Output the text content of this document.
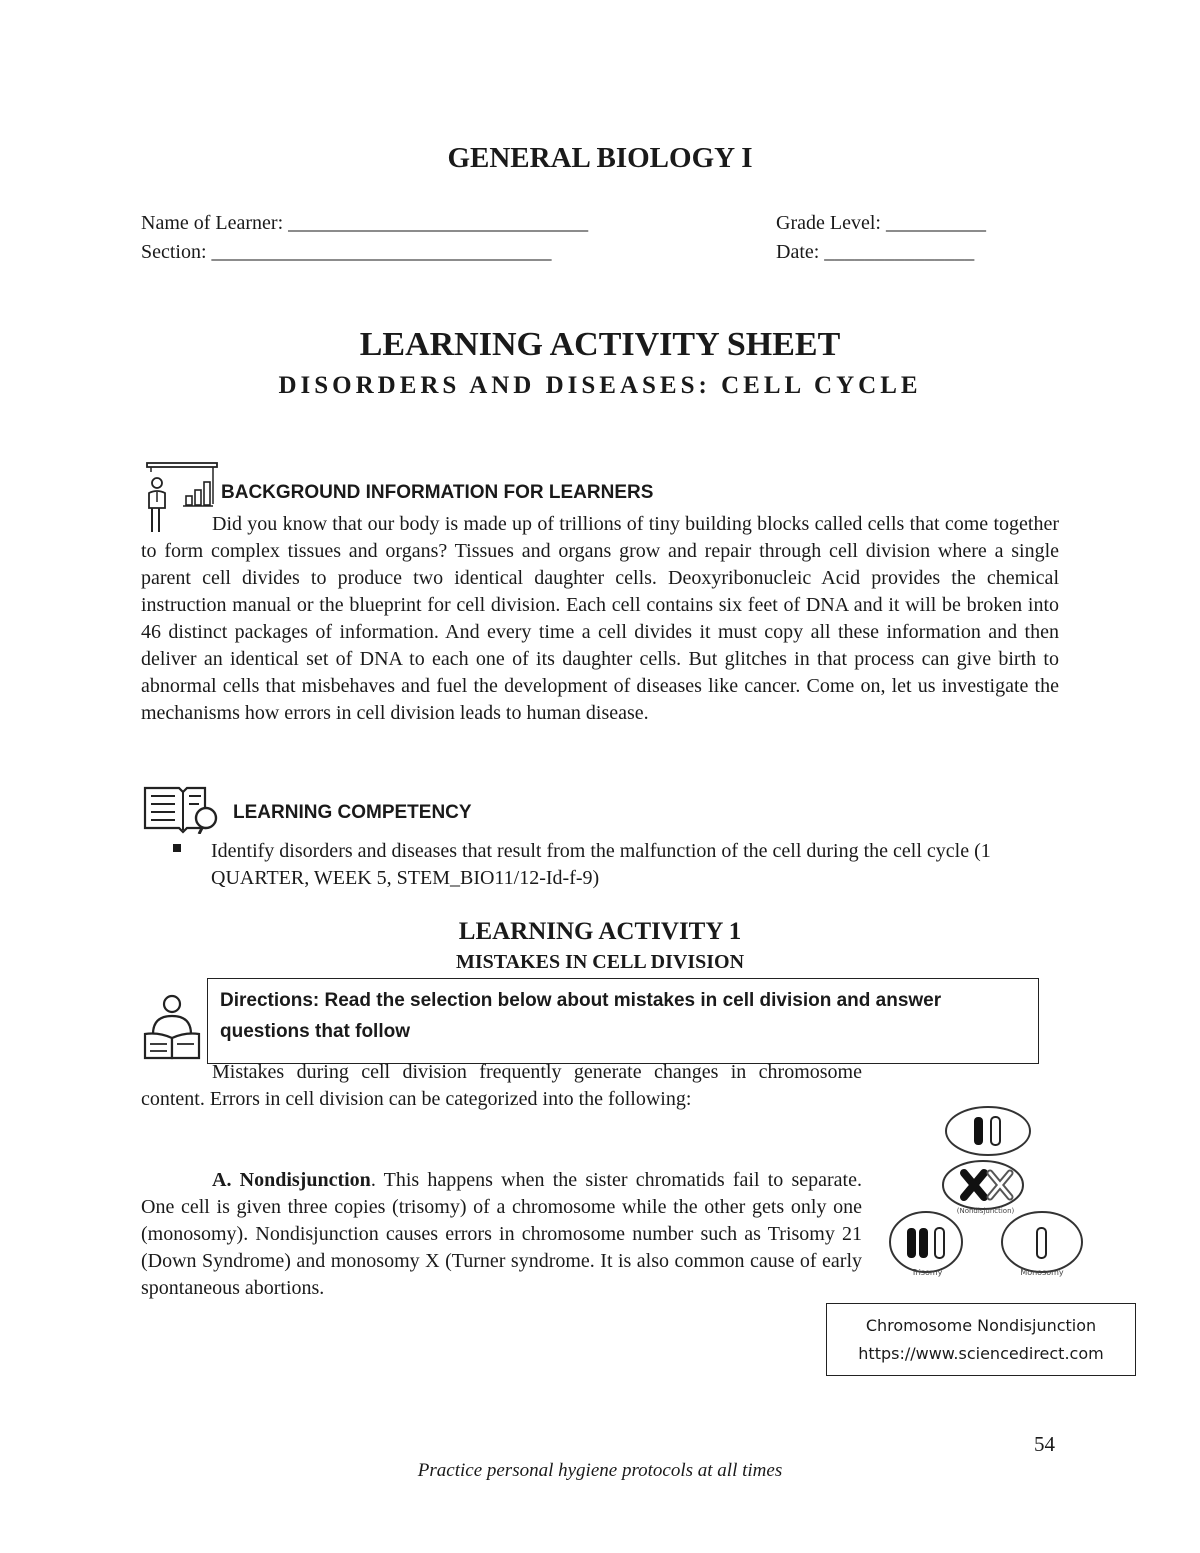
GENERAL BIOLOGY I
Name of Learner: ______________________________	Grade Level: __________
Section: __________________________________	Date: _______________
LEARNING ACTIVITY SHEET
DISORDERS AND DISEASES: CELL CYCLE
BACKGROUND INFORMATION FOR LEARNERS
Did you know that our body is made up of trillions of tiny building blocks called cells that come together to form complex tissues and organs? Tissues and organs grow and repair through cell division where a single parent cell divides to produce two identical daughter cells. Deoxyribonucleic Acid provides the chemical instruction manual or the blueprint for cell division. Each cell contains six feet of DNA and it will be broken into 46 distinct packages of information. And every time a cell divides it must copy all these information and then deliver an identical set of DNA to each one of its daughter cells. But glitches in that process can give birth to abnormal cells that misbehaves and fuel the development of diseases like cancer. Come on, let us investigate the mechanisms how errors in cell division leads to human disease.
LEARNING COMPETENCY
Identify disorders and diseases that result from the malfunction of the cell during the cell cycle (1 QUARTER, WEEK 5, STEM_BIO11/12-Id-f-9)
LEARNING ACTIVITY 1
MISTAKES IN CELL DIVISION
Directions: Read the selection below about mistakes in cell division and answer questions that follow
Mistakes during cell division frequently generate changes in chromosome content. Errors in cell division can be categorized into the following:
A. Nondisjunction. This happens when the sister chromatids fail to separate. One cell is given three copies (trisomy) of a chromosome while the other gets only one (monosomy). Nondisjunction causes errors in chromosome number such as Trisomy 21 (Down Syndrome) and monosomy X (Turner syndrome. It is also common cause of early spontaneous abortions.
(Nondisjunction)
Trisomy	Monosomy
Chromosome Nondisjunction
https://www.sciencedirect.com
54
Practice personal hygiene protocols at all times
